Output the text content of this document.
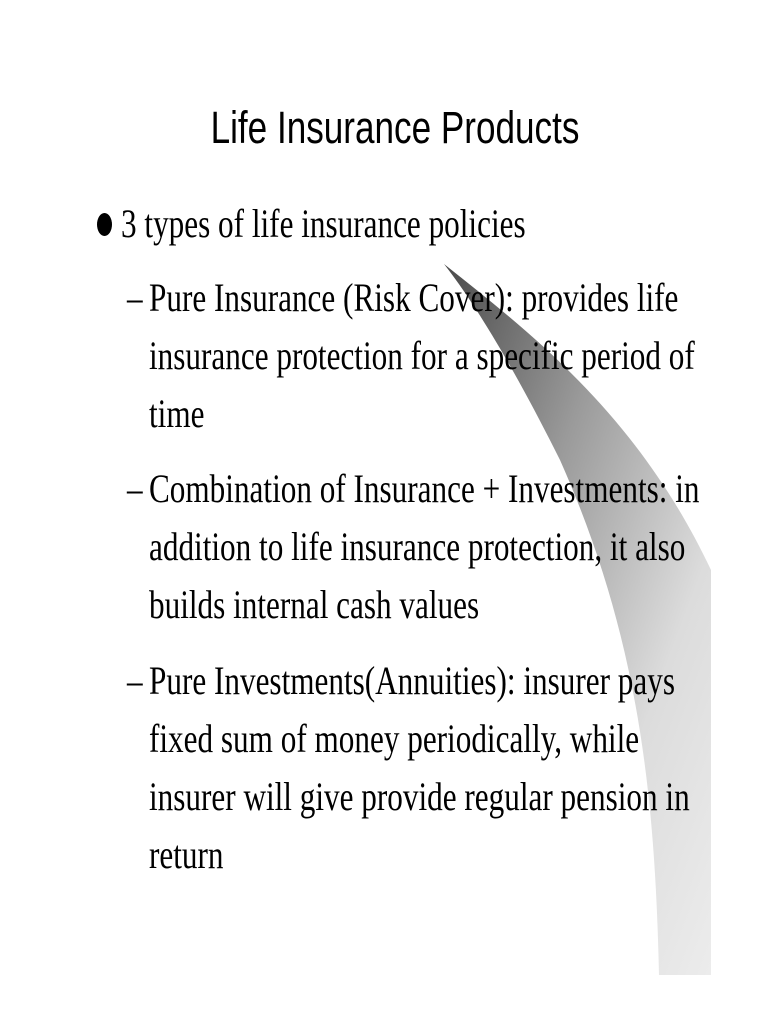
Life Insurance Products
3 types of life insurance policies
– Pure Insurance (Risk Cover): provides life
insurance protection for a specific period of
time
– Combination of Insurance + Investments: in
addition to life insurance protection, it also
builds internal cash values
– Pure Investments(Annuities): insurer pays
fixed sum of money periodically, while
insurer will give provide regular pension in
return
